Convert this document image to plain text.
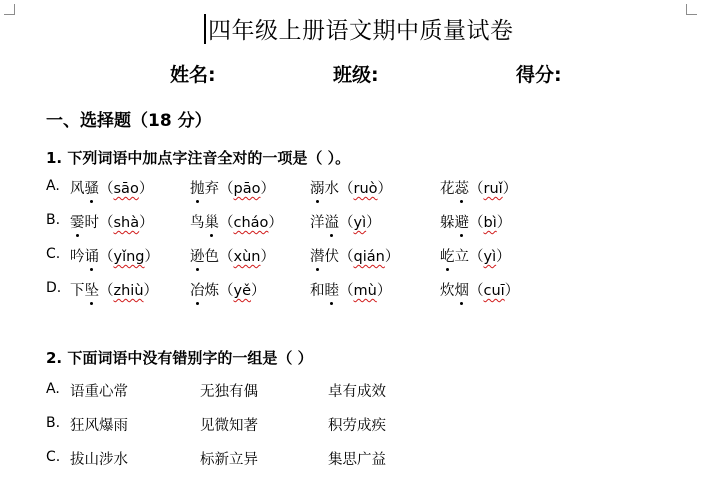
四年级上册语文期中质量试卷
姓名:	班级:	得分:
一、选择题（18 分）
1. 下列词语中加点字注音全对的一项是（ ）。
A. 风骚（sāo）	抛弃（pāo） 溺水（ruò）	花蕊（ruǐ）
B. 霎时（shà）	鸟巢（cháo） 洋溢（yì）	躲避（bì）
C. 吟诵（yǐng） 逊色（xùn） 潜伏（qián）	屹立（yì）
D. 下坠（zhiù） 冶炼（yě）	和睦（mù）	炊烟（cuī）
2. 下面词语中没有错别字的一组是（ ）
A. 语重心常	无独有偶	卓有成效
B. 狂风爆雨	见微知著	积劳成疾
C. 拔山涉水	标新立异	集思广益
